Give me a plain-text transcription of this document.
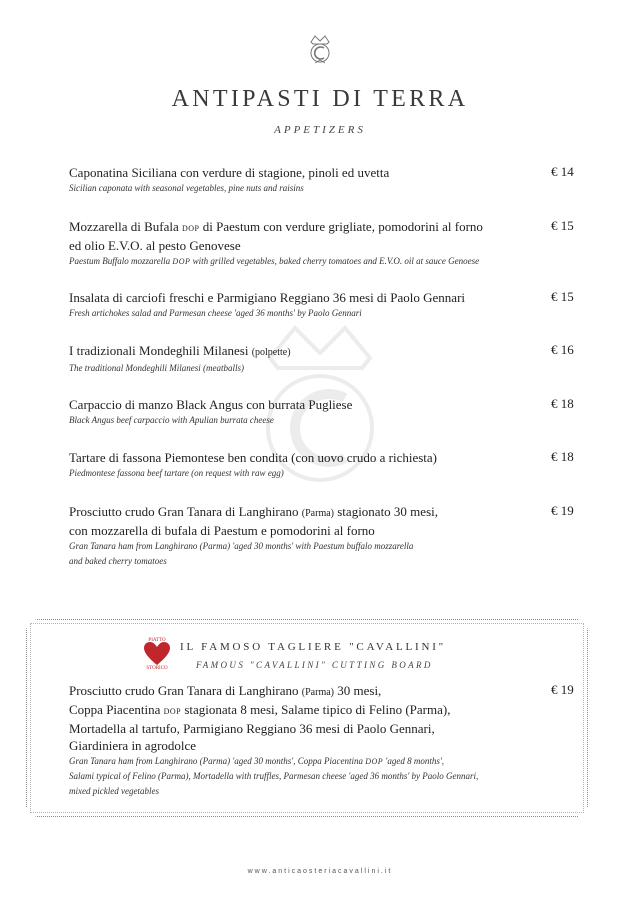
ANTIPASTI DI TERRA
APPETIZERS
Caponatina Siciliana con verdure di stagione, pinoli ed uvetta
Sicilian caponata with seasonal vegetables, pine nuts and raisins
€ 14
Mozzarella di Bufala DOP di Paestum con verdure grigliate, pomodorini al forno
ed olio E.V.O. al pesto Genovese
Paestum Buffalo mozzarella DOP with grilled vegetables, baked cherry tomatoes and E.V.O. oil at sauce Genoese
€ 15
Insalata di carciofi freschi e Parmigiano Reggiano 36 mesi di Paolo Gennari
Fresh artichokes salad and Parmesan cheese 'aged 36 months' by Paolo Gennari
€ 15
I tradizionali Mondeghili Milanesi (polpette)
The traditional Mondeghili Milanesi (meatballs)
€ 16
Carpaccio di manzo Black Angus con burrata Pugliese
Black Angus beef carpaccio with Apulian burrata cheese
€ 18
Tartare di fassona Piemontese ben condita (con uovo crudo a richiesta)
Piedmontese fassona beef tartare (on request with raw egg)
€ 18
Prosciutto crudo Gran Tanara di Langhirano (Parma) stagionato 30 mesi,
con mozzarella di bufala di Paestum e pomodorini al forno
Gran Tanara ham from Langhirano (Parma) 'aged 30 months' with Paestum buffalo mozzarella
and baked cherry tomatoes
€ 19
PIATTO
STORICO
IL FAMOSO TAGLIERE "CAVALLINI"
FAMOUS "CAVALLINI" CUTTING BOARD
Prosciutto crudo Gran Tanara di Langhirano (Parma) 30 mesi,
Coppa Piacentina DOP stagionata 8 mesi, Salame tipico di Felino (Parma),
Mortadella al tartufo, Parmigiano Reggiano 36 mesi di Paolo Gennari,
Giardiniera in agrodolce
Gran Tanara ham from Langhirano (Parma) 'aged 30 months', Coppa Piacentina DOP 'aged 8 months',
Salami typical of Felino (Parma), Mortadella with truffles, Parmesan cheese 'aged 36 months' by Paolo Gennari,
mixed pickled vegetables
€ 19
www.anticaosteriacavallini.it
